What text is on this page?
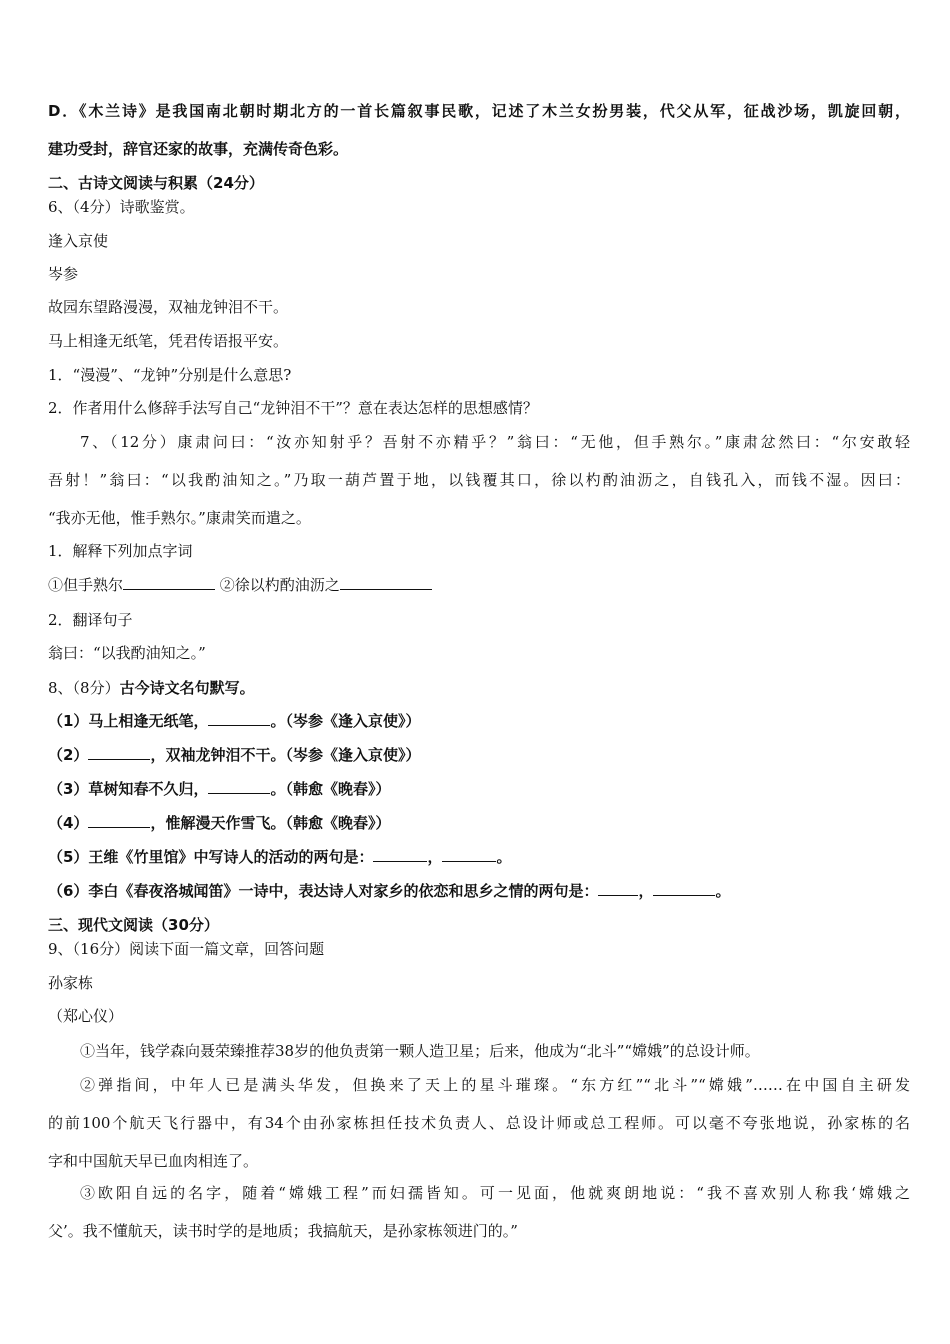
D．《木兰诗》是我国南北朝时期北方的一首长篇叙事民歌，记述了木兰女扮男装，代父从军，征战沙场，凯旋回朝，
建功受封，辞官还家的故事，充满传奇色彩。
二、古诗文阅读与积累（24分）
6、（4分）诗歌鉴赏。
逢入京使
岑参
故园东望路漫漫，双袖龙钟泪不干。
马上相逢无纸笔，凭君传语报平安。
1．“漫漫”、“龙钟”分别是什么意思?
2．作者用什么修辞手法写自己“龙钟泪不干”？意在表达怎样的思想感情？
7、（12分）康肃问曰：“汝亦知射乎？吾射不亦精乎？”翁曰：“无他，但手熟尔。”康肃忿然曰：“尔安敢轻
吾射！”翁曰：“以我酌油知之。”乃取一葫芦置于地，以钱覆其口，徐以杓酌油沥之，自钱孔入，而钱不湿。因曰：
“我亦无他，惟手熟尔。”康肃笑而遣之。
1．解释下列加点字词
①但手熟尔	②徐以杓酌油沥之
2．翻译句子
翁曰：“以我酌油知之。”
8、（8分）古今诗文名句默写。
（1）马上相逢无纸笔，	。（岑参《逢入京使》）
（2）	，双袖龙钟泪不干。（岑参《逢入京使》）
（3）草树知春不久归，	。（韩愈《晚春》）
（4）	，惟解漫天作雪飞。（韩愈《晚春》）
（5）王维《竹里馆》中写诗人的活动的两句是：	，	。
（6）李白《春夜洛城闻笛》一诗中，表达诗人对家乡的依恋和思乡之情的两句是：	，	。
三、现代文阅读（30分）
9、（16分）阅读下面一篇文章，回答问题
孙家栋
（郑心仪）
①当年，钱学森向聂荣臻推荐38岁的他负责第一颗人造卫星；后来，他成为“北斗”“嫦娥”的总设计师。
②弹指间，中年人已是满头华发，但换来了天上的星斗璀璨。“东方红”“北斗”“嫦娥”……在中国自主研发
的前100个航天飞行器中，有34个由孙家栋担任技术负责人、总设计师或总工程师。可以毫不夸张地说，孙家栋的名
字和中国航天早已血肉相连了。
③欧阳自远的名字，随着“嫦娥工程”而妇孺皆知。可一见面，他就爽朗地说：“我不喜欢别人称我‘嫦娥之
父’。我不懂航天，读书时学的是地质；我搞航天，是孙家栋领进门的。”
